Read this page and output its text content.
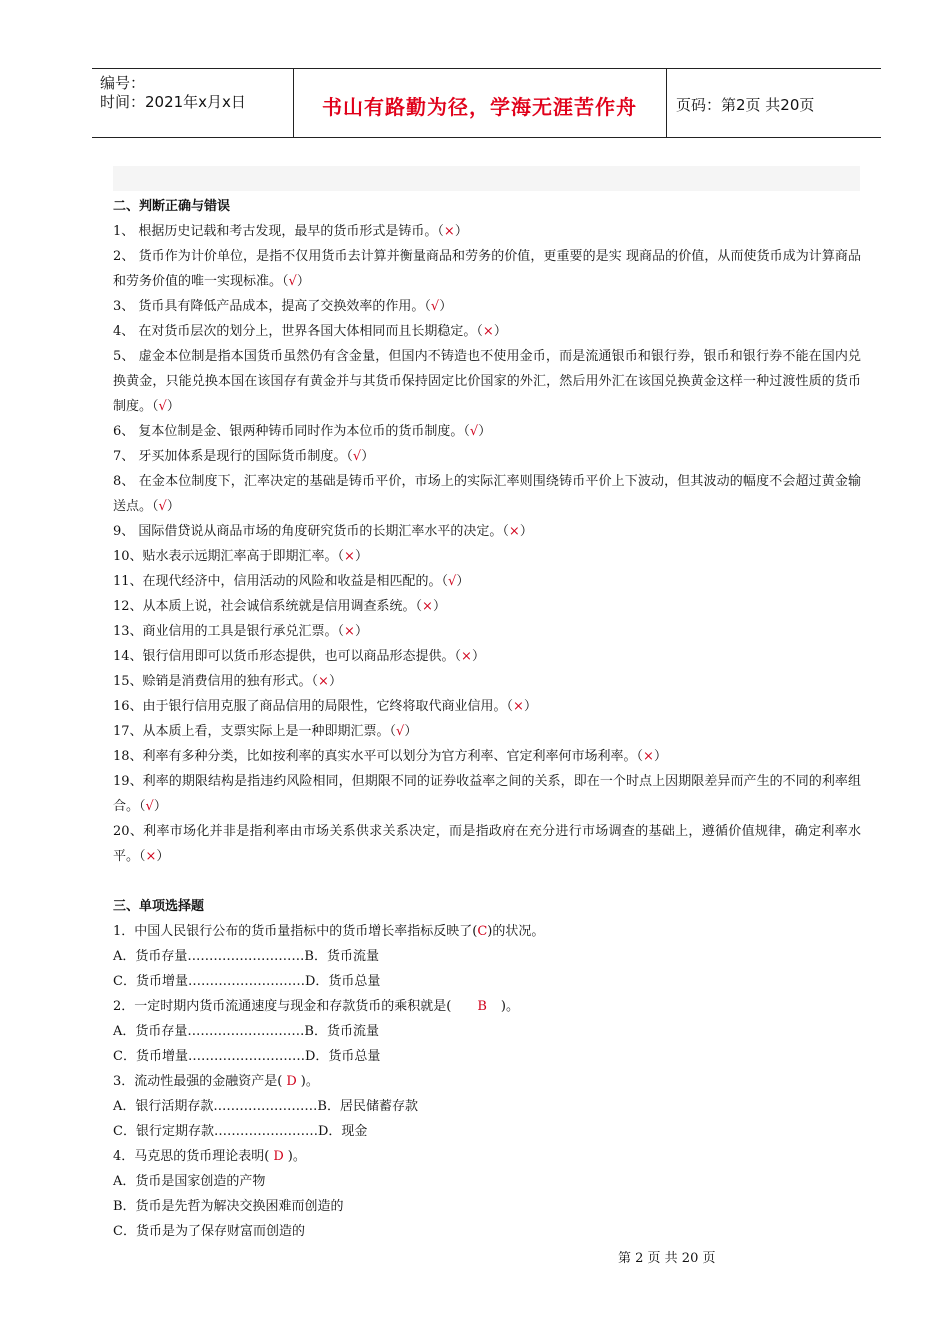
编号：
时间：2021年x月x日	书山有路勤为径，学海无涯苦作舟	页码：第2页 共20页
二、判断正确与错误
1、 根据历史记载和考古发现，最早的货币形式是铸币。（×）
2、 货币作为计价单位，是指不仅用货币去计算并衡量商品和劳务的价值，更重要的是实 现商品的价值，从而使货币成为计算商品和劳务价值的唯一实现标准。（√）
3、 货币具有降低产品成本，提高了交换效率的作用。（√）
4、 在对货币层次的划分上，世界各国大体相同而且长期稳定。（×）
5、 虚金本位制是指本国货币虽然仍有含金量，但国内不铸造也不使用金币，而是流通银币和银行券，银币和银行券不能在国内兑换黄金，只能兑换本国在该国存有黄金并与其货币保持固定比价国家的外汇，然后用外汇在该国兑换黄金这样一种过渡性质的货币制度。（√）
6、 复本位制是金、银两种铸币同时作为本位币的货币制度。（√）
7、 牙买加体系是现行的国际货币制度。（√）
8、 在金本位制度下，汇率决定的基础是铸币平价，市场上的实际汇率则围绕铸币平价上下波动，但其波动的幅度不会超过黄金输送点。（√）
9、 国际借贷说从商品市场的角度研究货币的长期汇率水平的决定。（×）
10、贴水表示远期汇率高于即期汇率。（×）
11、在现代经济中，信用活动的风险和收益是相匹配的。（√）
12、从本质上说，社会诚信系统就是信用调查系统。（×）
13、商业信用的工具是银行承兑汇票。（×）
14、银行信用即可以货币形态提供，也可以商品形态提供。（×）
15、赊销是消费信用的独有形式。（×）
16、由于银行信用克服了商品信用的局限性，它终将取代商业信用。（×）
17、从本质上看，支票实际上是一种即期汇票。（√）
18、利率有多种分类，比如按利率的真实水平可以划分为官方利率、官定利率何市场利率。（×）
19、利率的期限结构是指违约风险相同，但期限不同的证券收益率之间的关系，即在一个时点上因期限差异而产生的不同的利率组合。（√）
20、利率市场化并非是指利率由市场关系供求关系决定，而是指政府在充分进行市场调查的基础上，遵循价值规律，确定利率水平。（×）
三、单项选择题
1．中国人民银行公布的货币量指标中的货币增长率指标反映了(C)的状况。
A．货币存量………………………B．货币流量
C．货币增量………………………D．货币总量
2．一定时期内货币流通速度与现金和存款货币的乘积就是( B )。
A．货币存量………………………B．货币流量
C．货币增量………………………D．货币总量
3．流动性最强的金融资产是( D )。
A．银行活期存款……………………B．居民储蓄存款
C．银行定期存款……………………D．现金
4．马克思的货币理论表明( D )。
A．货币是国家创造的产物
B．货币是先哲为解决交换困难而创造的
C．货币是为了保存财富而创造的
第 2 页 共 20 页
